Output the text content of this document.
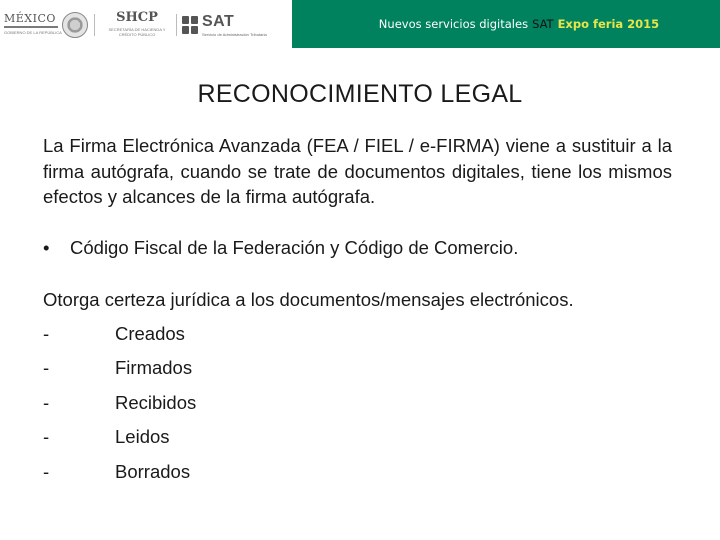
MÉXICO
GOBIERNO DE LA REPÚBLICA
SHCP
SECRETARÍA DE HACIENDA Y CRÉDITO PÚBLICO
SAT
Servicio de Administración Tributaria
Nuevos servicios digitales SAT Expo feria 2015
RECONOCIMIENTO LEGAL

La Firma Electrónica Avanzada (FEA / FIEL / e-FIRMA) viene a sustituir a la firma autógrafa, cuando se trate de documentos digitales, tiene los mismos efectos y alcances de la firma autógrafa.

•	Código Fiscal de la Federación y Código de Comercio.
Otorga certeza jurídica a los documentos/mensajes electrónicos.
-	Creados
-	Firmados
-	Recibidos
-	Leidos
-	Borrados
